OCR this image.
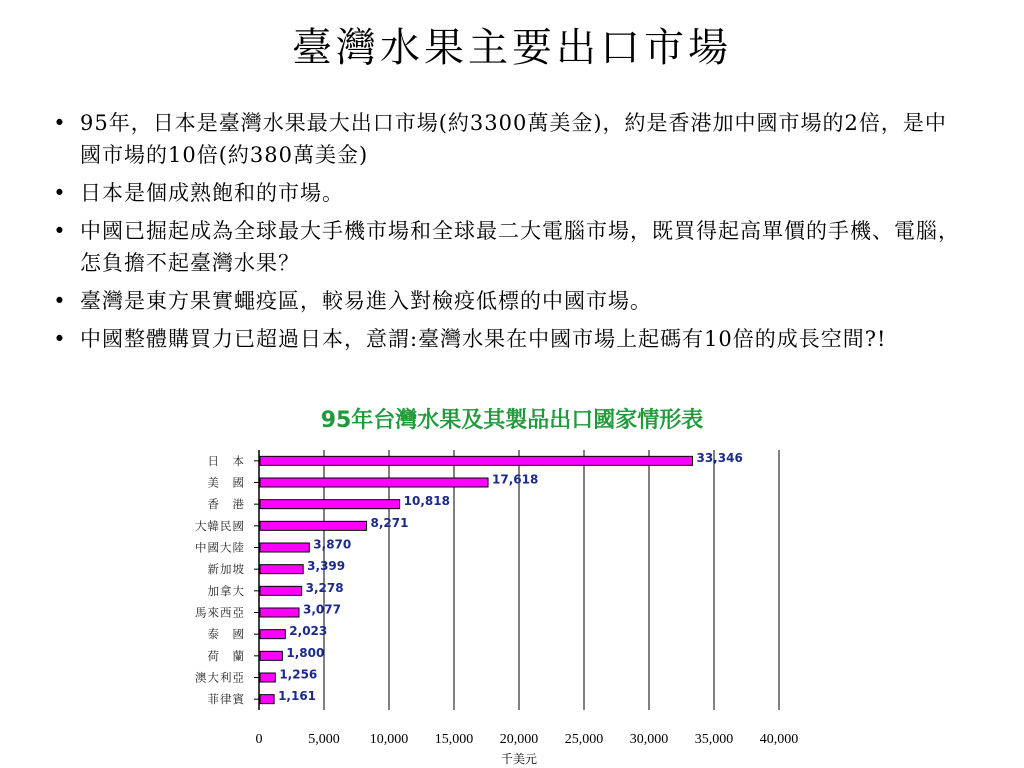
臺灣水果主要出口市場
• 95年，日本是臺灣水果最大出口市場(約3300萬美金)，約是香港加中國市場的2倍，是中國市場的10倍(約380萬美金)
• 日本是個成熟飽和的市場。
• 中國已掘起成為全球最大手機市場和全球最二大電腦市場，既買得起高單價的手機、電腦，怎負擔不起臺灣水果？
• 臺灣是東方果實蠅疫區，較易進入對檢疫低標的中國市場。
• 中國整體購買力已超過日本，意謂:臺灣水果在中國市場上起碼有10倍的成長空間?!
95年台灣水果及其製品出口國家情形表
日　本	33,346
美　國	17,618
香　港	10,818
大韓民國	8,271
中國大陸	3,870
新加坡	3,399
加拿大	3,278
馬來西亞	3,077
泰　國	2,023
荷　蘭	1,800
澳大利亞	1,256
菲律賓	1,161
0	5,000 10,000 15,000 20,000 25,000 30,000 35,000 40,000
千美元
